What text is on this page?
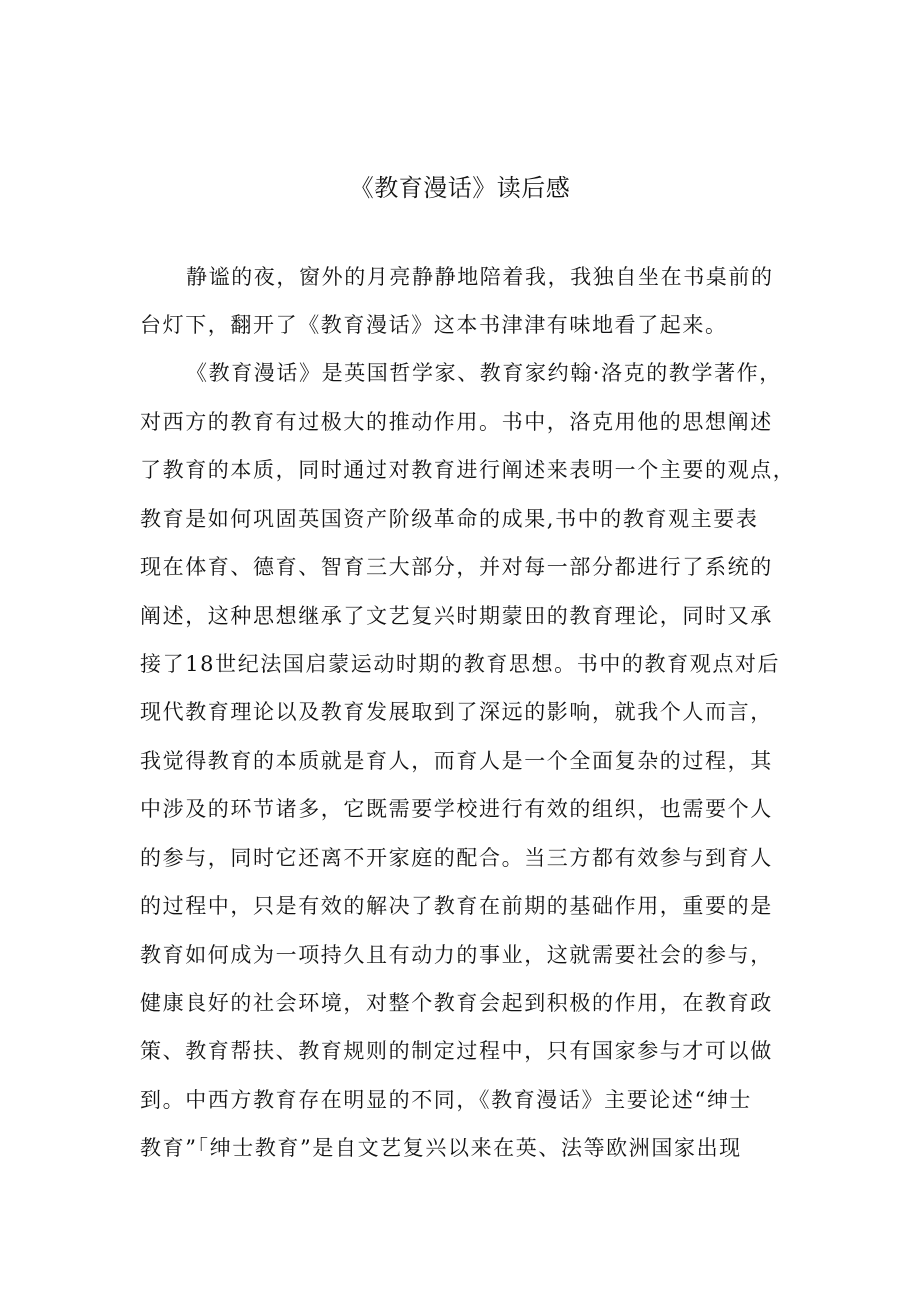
《教育漫话》读后感
静谧的夜，窗外的月亮静静地陪着我，我独自坐在书桌前的
台灯下，翻开了《教育漫话》这本书津津有味地看了起来。
《教育漫话》是英国哲学家、教育家约翰·洛克的教学著作，
对西方的教育有过极大的推动作用。书中，洛克用他的思想阐述
了教育的本质，同时通过对教育进行阐述来表明一个主要的观点，
教育是如何巩固英国资产阶级革命的成果,书中的教育观主要表
现在体育、德育、智育三大部分，并对每一部分都进行了系统的
阐述，这种思想继承了文艺复兴时期蒙田的教育理论，同时又承
接了18世纪法国启蒙运动时期的教育思想。书中的教育观点对后
现代教育理论以及教育发展取到了深远的影响，就我个人而言，
我觉得教育的本质就是育人，而育人是一个全面复杂的过程，其
中涉及的环节诸多，它既需要学校进行有效的组织，也需要个人
的参与，同时它还离不开家庭的配合。当三方都有效参与到育人
的过程中，只是有效的解决了教育在前期的基础作用，重要的是
教育如何成为一项持久且有动力的事业，这就需要社会的参与，
健康良好的社会环境，对整个教育会起到积极的作用，在教育政
策、教育帮扶、教育规则的制定过程中，只有国家参与才可以做
到。中西方教育存在明显的不同，《教育漫话》主要论述“绅士
教育”「绅士教育”是自文艺复兴以来在英、法等欧洲国家出现
